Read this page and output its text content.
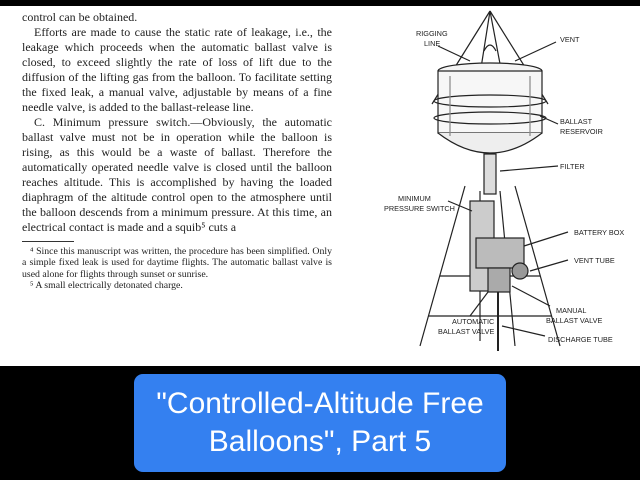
control can be obtained.

Efforts are made to cause the static rate of leakage, i.e., the leakage which proceeds when the automatic ballast valve is closed, to exceed slightly the rate of loss of lift due to the diffusion of the lifting gas from the balloon. To facilitate setting the fixed leak, a manual valve, adjustable by means of a fine needle valve, is added to the ballast-release line.

C. Minimum pressure switch.—Obviously, the automatic ballast valve must not be in operation while the balloon is rising, as this would be a waste of ballast. Therefore the automatically operated needle valve is closed until the balloon reaches altitude. This is accomplished by having the loaded diaphragm of the altitude control open to the atmosphere until the balloon descends from a minimum pressure. At this time, an electrical contact is made and a squib⁵ cuts a

⁴ Since this manuscript was written, the procedure has been simplified. Only a simple fixed leak is used for daytime flights. The automatic ballast valve is used alone for flights through sunset or sunrise.

⁵ A small electrically detonated charge.

RIGGING
LINE	VENT
BALLAST
RESERVOIR
FILTER
MINIMUM
PRESSURE SWITCH
BATTERY BOX
VENT TUBE
MANUAL
BALLAST VALVE
AUTOMATIC
BALLAST VALVE
DISCHARGE TUBE
"Controlled-Altitude Free
Balloons", Part 5
